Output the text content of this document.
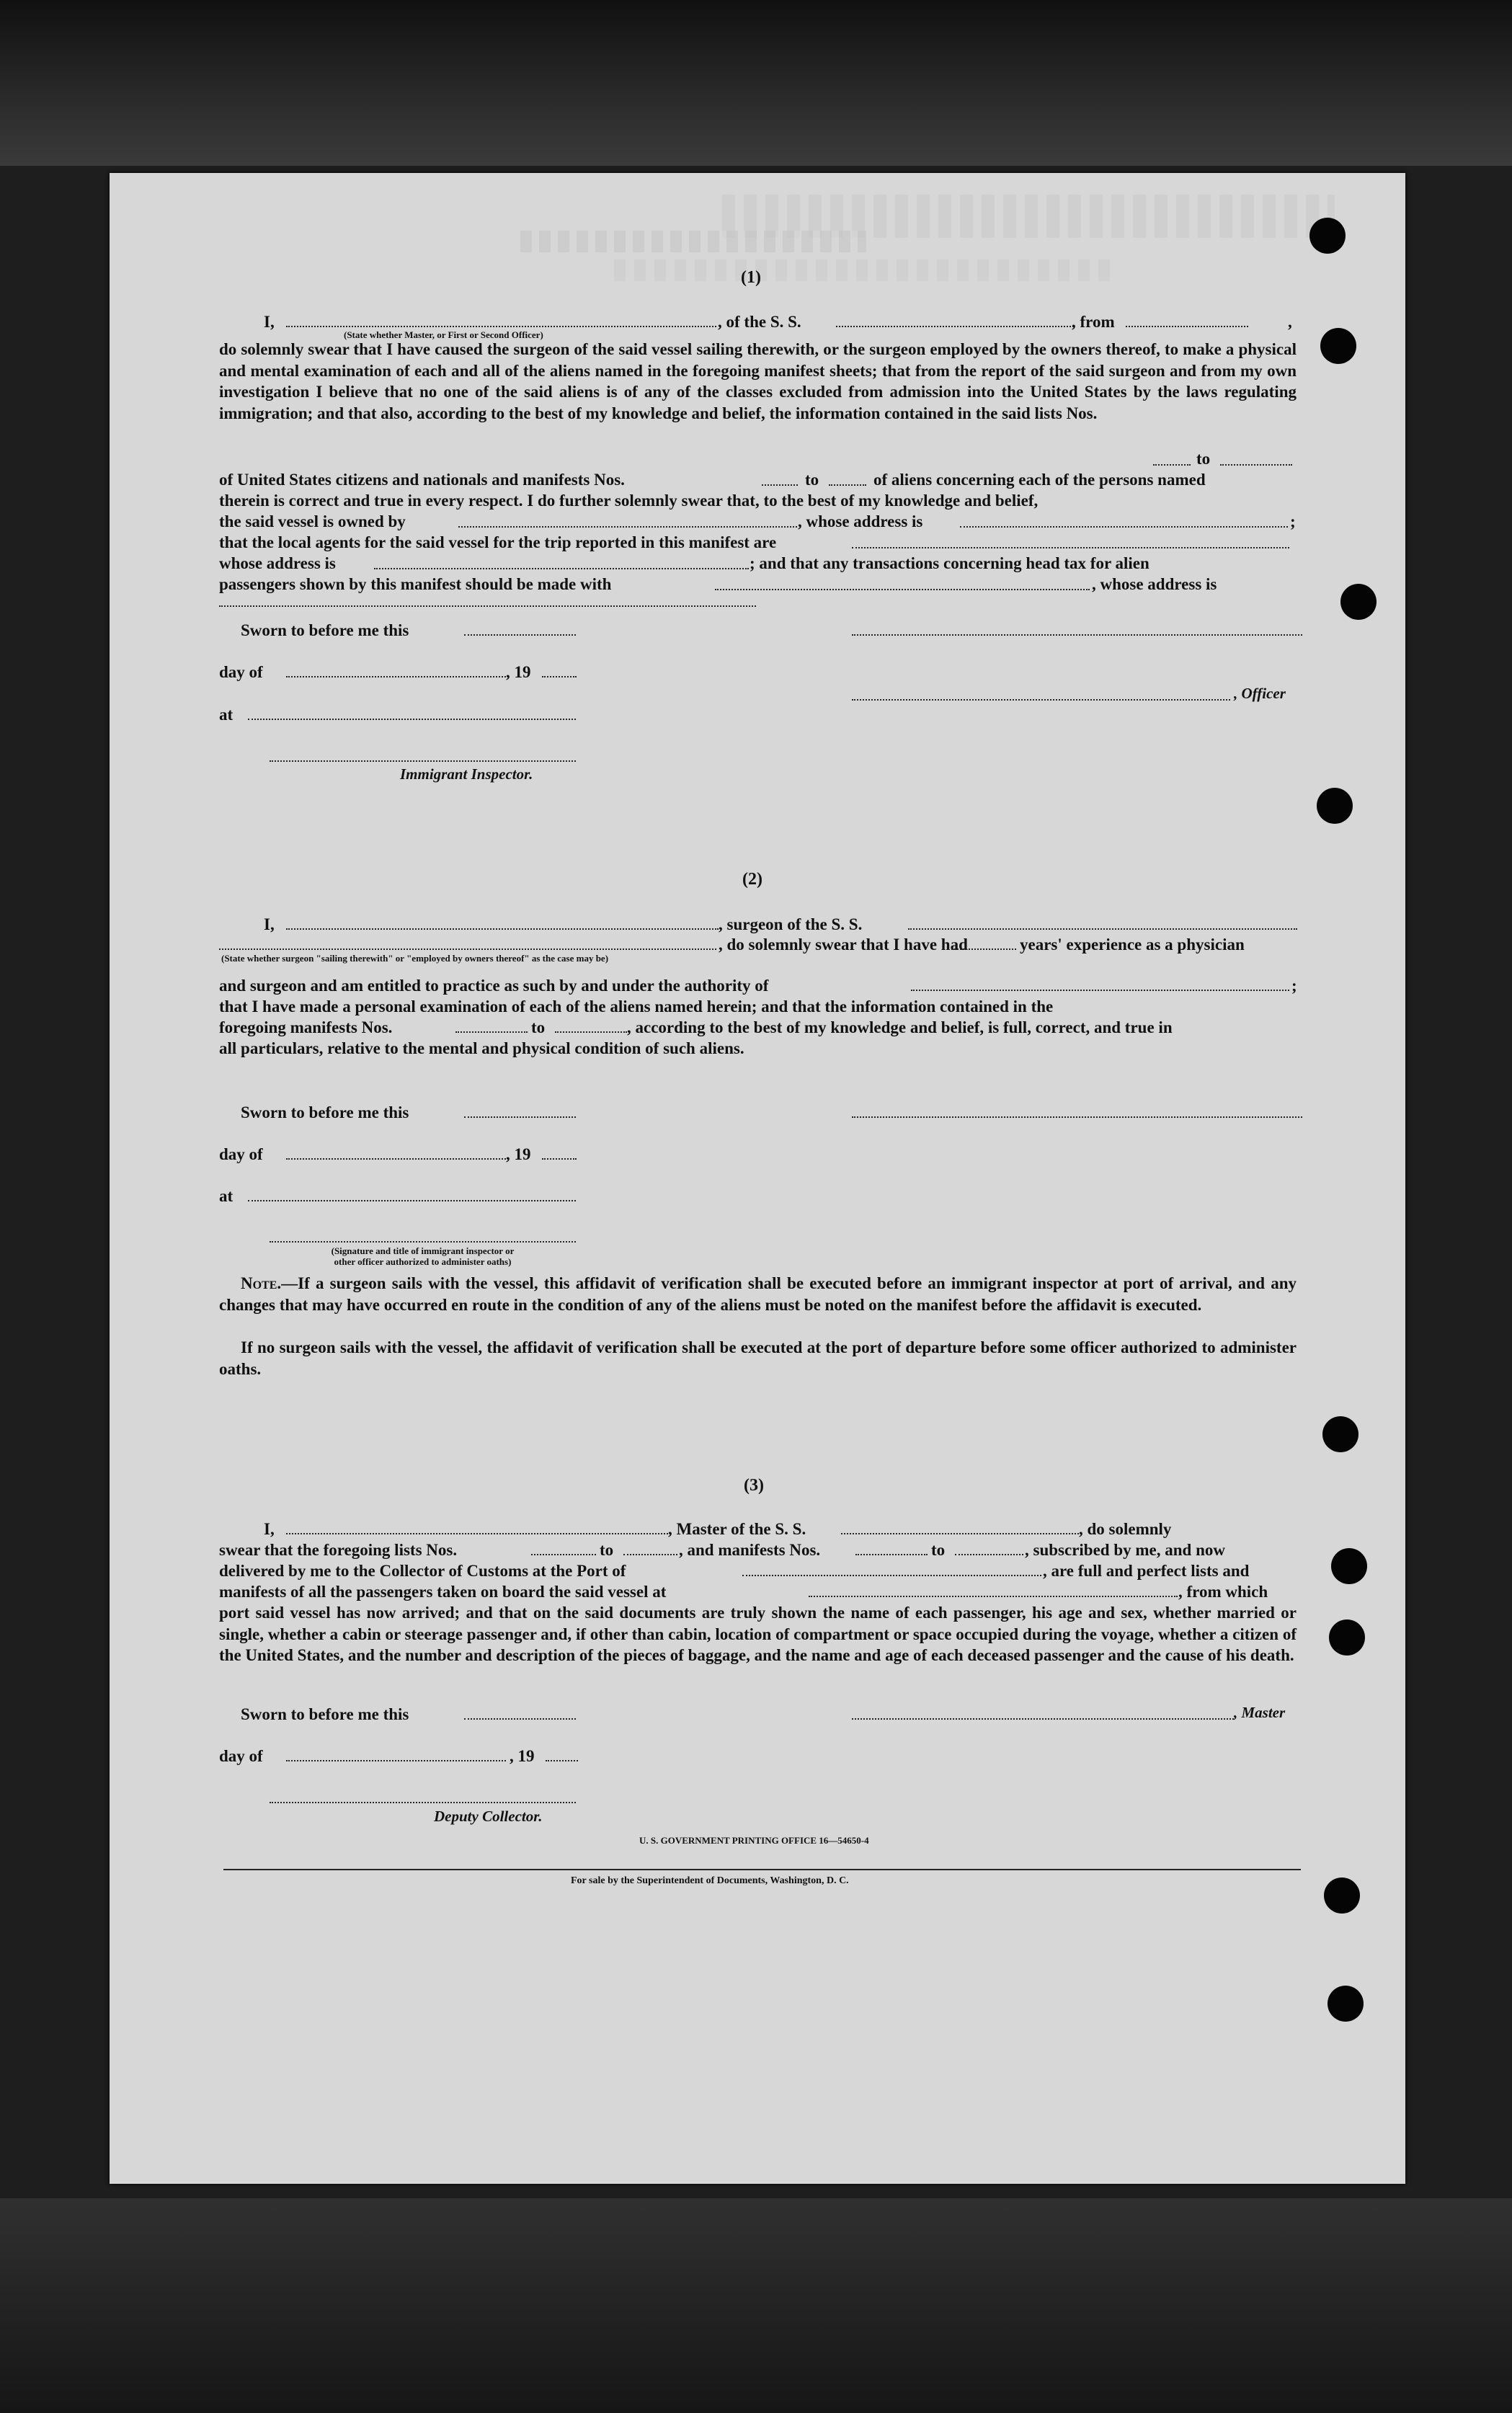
(1)
I,
(State whether Master, or First or Second Officer)
, of the S. S.	, from	,
do solemnly swear that I have caused the surgeon of the said vessel sailing therewith, or the surgeon employed by the owners thereof, to make a physical and mental examination of each and all of the aliens named in the foregoing manifest sheets; that from the report of the said surgeon and from my own investigation I believe that no one of the said aliens is of any of the classes excluded from admission into the United States by the laws regulating immigration; and that also, according to the best of my knowledge and belief, the information contained in the said lists Nos.
to
of United States citizens and nationals and manifests Nos.	to	of aliens concerning each of the persons named
therein is correct and true in every respect. I do further solemnly swear that, to the best of my knowledge and belief,
the said vessel is owned by	, whose address is	;
that the local agents for the said vessel for the trip reported in this manifest are
whose address is	; and that any transactions concerning head tax for alien
passengers shown by this manifest should be made with	, whose address is
Sworn to before me this
day of	, 19
, Officer
at
Immigrant Inspector.
(2)
I,	, surgeon of the S. S.
, do solemnly swear that I have had	years' experience as a physician
(State whether surgeon "sailing therewith" or "employed by owners thereof" as the case may be)
and surgeon and am entitled to practice as such by and under the authority of	;
that I have made a personal examination of each of the aliens named herein; and that the information contained in the
foregoing manifests Nos.	to	, according to the best of my knowledge and belief, is full, correct, and true in
all particulars, relative to the mental and physical condition of such aliens.
Sworn to before me this
day of	, 19
at
(Signature and title of immigrant inspector or
other officer authorized to administer oaths)
Note.—If a surgeon sails with the vessel, this affidavit of verification shall be executed before an immigrant inspector at port of arrival, and any changes that may have occurred en route in the condition of any of the aliens must be noted on the manifest before the affidavit is executed.
If no surgeon sails with the vessel, the affidavit of verification shall be executed at the port of departure before some officer authorized to administer oaths.
(3)
I,	, Master of the S. S.	, do solemnly
swear that the foregoing lists Nos.	to	, and manifests Nos.	to	, subscribed by me, and now
delivered by me to the Collector of Customs at the Port of	, are full and perfect lists and
manifests of all the passengers taken on board the said vessel at	, from which
port said vessel has now arrived; and that on the said documents are truly shown the name of each passenger, his age and sex, whether married or single, whether a cabin or steerage passenger and, if other than cabin, location of compartment or space occupied during the voyage, whether a citizen of the United States, and the number and description of the pieces of baggage, and the name and age of each deceased passenger and the cause of his death.
Sworn to before me this	, Master
day of	, 19
Deputy Collector.
U. S. GOVERNMENT PRINTING OFFICE 16—54650-4
For sale by the Superintendent of Documents, Washington, D. C.
